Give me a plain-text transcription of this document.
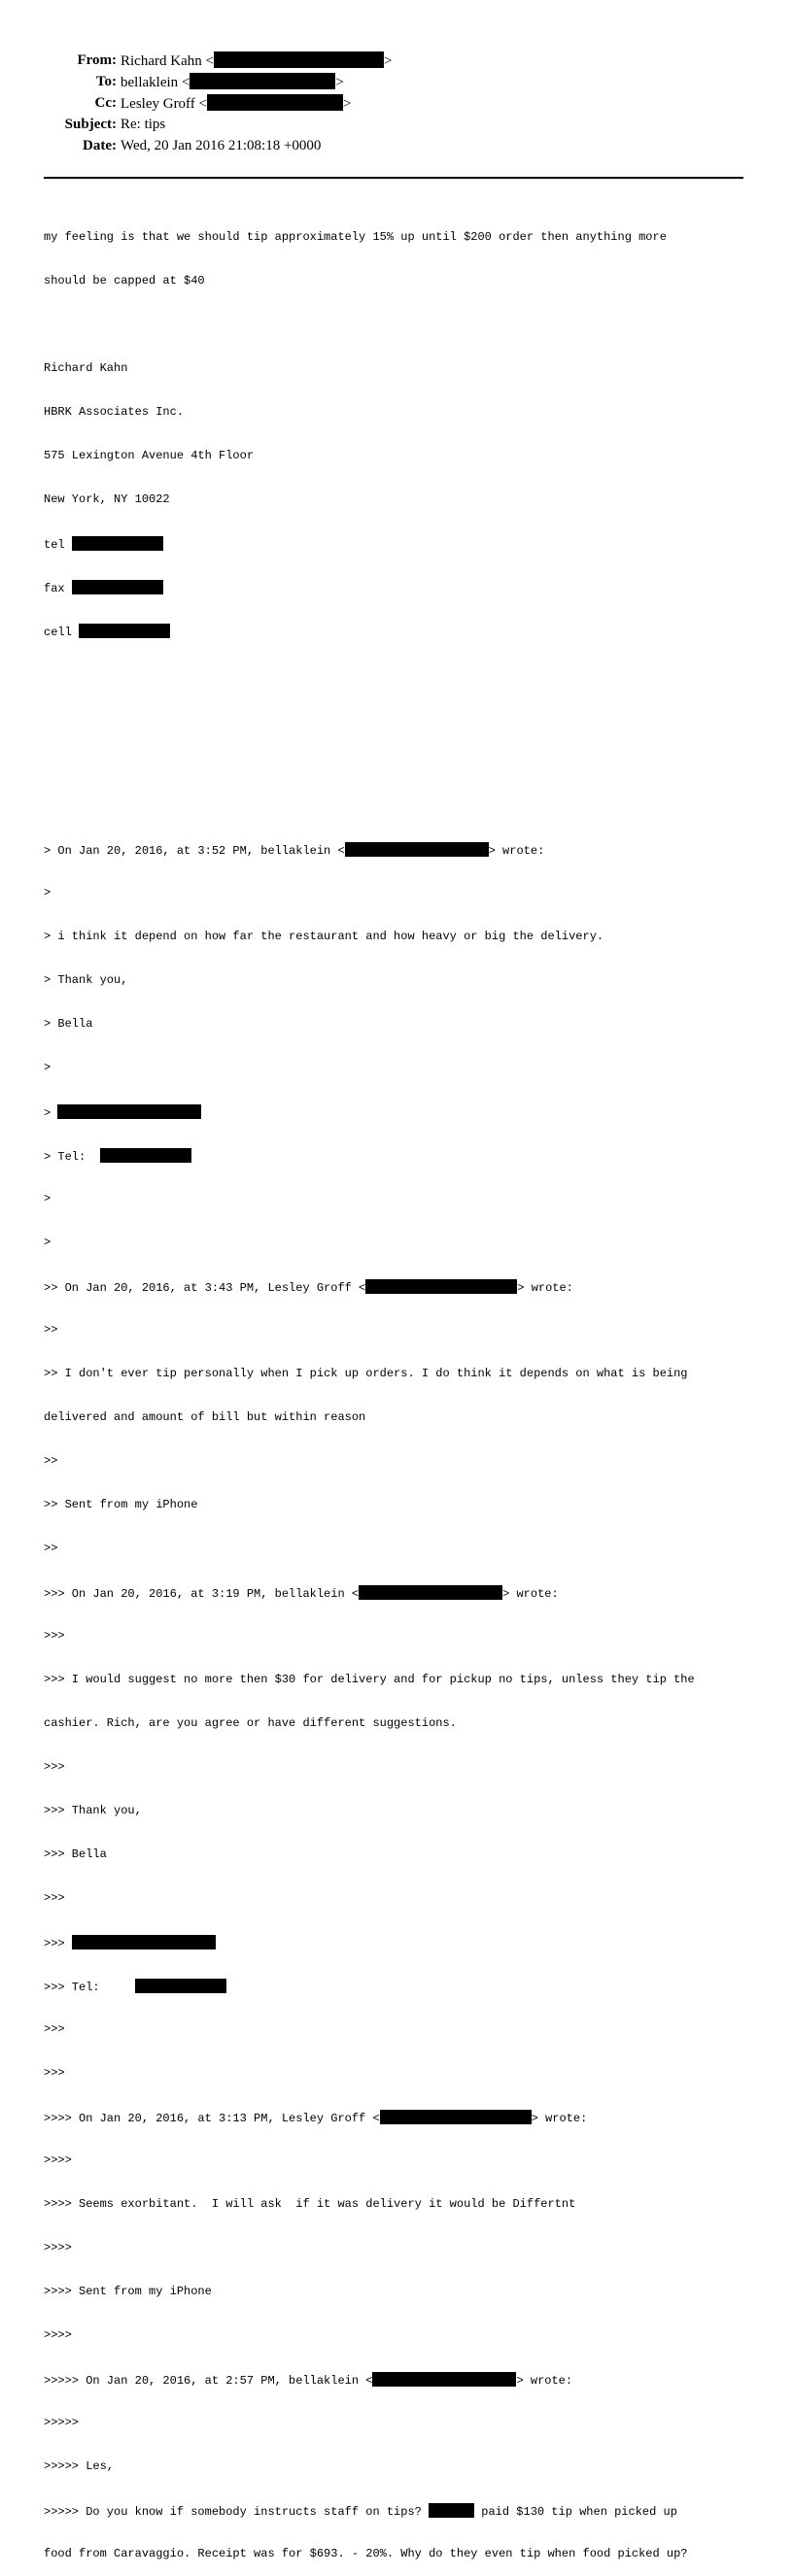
From: Richard Kahn <	>
To: bellaklein <	>
Cc: Lesley Groff <	>
Subject: Re: tips
Date: Wed, 20 Jan 2016 21:08:18 +0000

my feeling is that we should tip approximately 15% up until $200 order then anything more

should be capped at $40

Richard Kahn

HBRK Associates Inc.

575 Lexington Avenue 4th Floor

New York, NY 10022

tel

fax

cell

> On Jan 20, 2016, at 3:52 PM, bellaklein <	> wrote:

>

> i think it depend on how far the restaurant and how heavy or big the delivery.

> Thank you,

> Bella

>

>

> Tel:

>

>

>> On Jan 20, 2016, at 3:43 PM, Lesley Groff <	> wrote:

>>

>> I don't ever tip personally when I pick up orders. I do think it depends on what is being

delivered and amount of bill but within reason

>>

>> Sent from my iPhone

>>

>>> On Jan 20, 2016, at 3:19 PM, bellaklein <	> wrote:

>>>

>>> I would suggest no more then $30 for delivery and for pickup no tips, unless they tip the

cashier. Rich, are you agree or have different suggestions.

>>>

>>> Thank you,

>>> Bella

>>>

>>>

>>> Tel:

>>>

>>>

>>>> On Jan 20, 2016, at 3:13 PM, Lesley Groff <	> wrote:

>>>>

>>>> Seems exorbitant.  I will ask  if it was delivery it would be Differtnt

>>>>

>>>> Sent from my iPhone

>>>>

>>>>> On Jan 20, 2016, at 2:57 PM, bellaklein <	> wrote:

>>>>>

>>>>> Les,

>>>>> Do you know if somebody instructs staff on tips?	paid $130 tip when picked up

food from Caravaggio. Receipt was for $693. - 20%. Why do they even tip when food picked up?
